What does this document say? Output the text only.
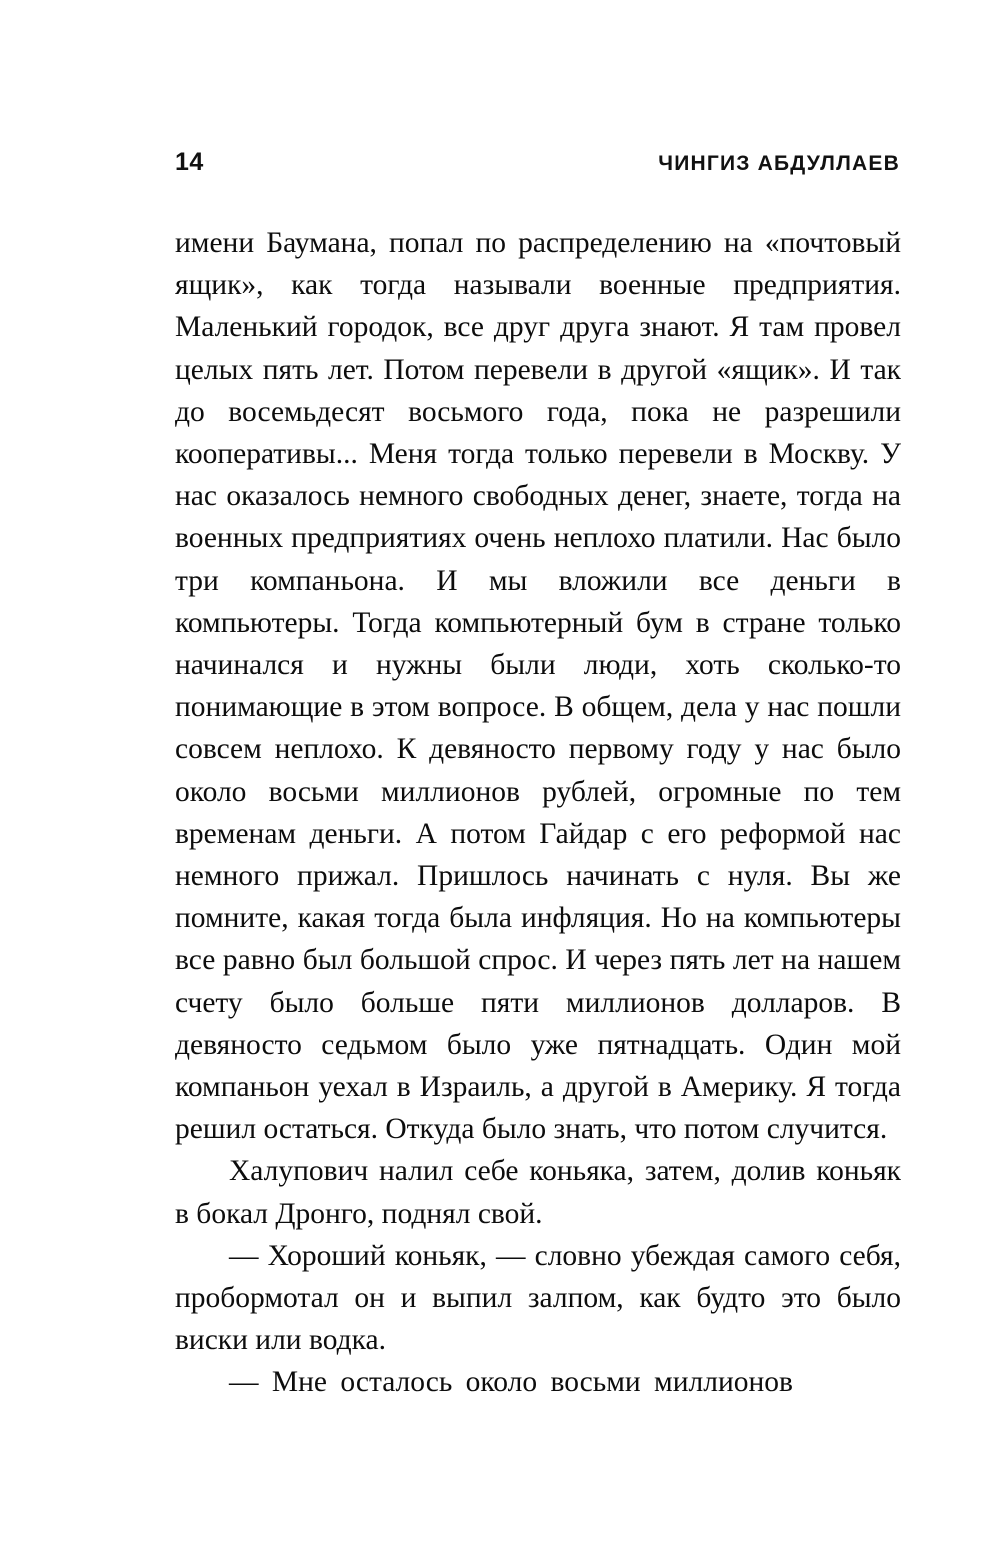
14	ЧИНГИЗ АБДУЛЛАЕВ

имени Баумана, попал по распределению на «почтовый ящик», как тогда называли военные предприятия. Маленький городок, все друг друга знают. Я там провел целых пять лет. Потом перевели в другой «ящик». И так до восемьдесят восьмого года, пока не разрешили кооперативы... Меня тогда только перевели в Москву. У нас оказалось немного свободных денег, знаете, тогда на военных предприятиях очень неплохо платили. Нас было три компаньона. И мы вложили все деньги в компьютеры. Тогда компьютерный бум в стране только начинался и нужны были люди, хоть сколько-то понимающие в этом вопросе. В общем, дела у нас пошли совсем неплохо. К девяносто первому году у нас было около восьми миллионов рублей, огромные по тем временам деньги. А потом Гайдар с его реформой нас немного прижал. Пришлось начинать с нуля. Вы же помните, какая тогда была инфляция. Но на компьютеры все равно был большой спрос. И через пять лет на нашем счету было больше пяти миллионов долларов. В девяносто седьмом было уже пятнадцать. Один мой компаньон уехал в Израиль, а другой в Америку. Я тогда решил остаться. Откуда было знать, что потом случится.

Халупович налил себе коньяка, затем, долив коньяк в бокал Дронго, поднял свой.

— Хороший коньяк, — словно убеждая самого себя, пробормотал он и выпил залпом, как будто это было виски или водка.

— Мне осталось около восьми миллионов
